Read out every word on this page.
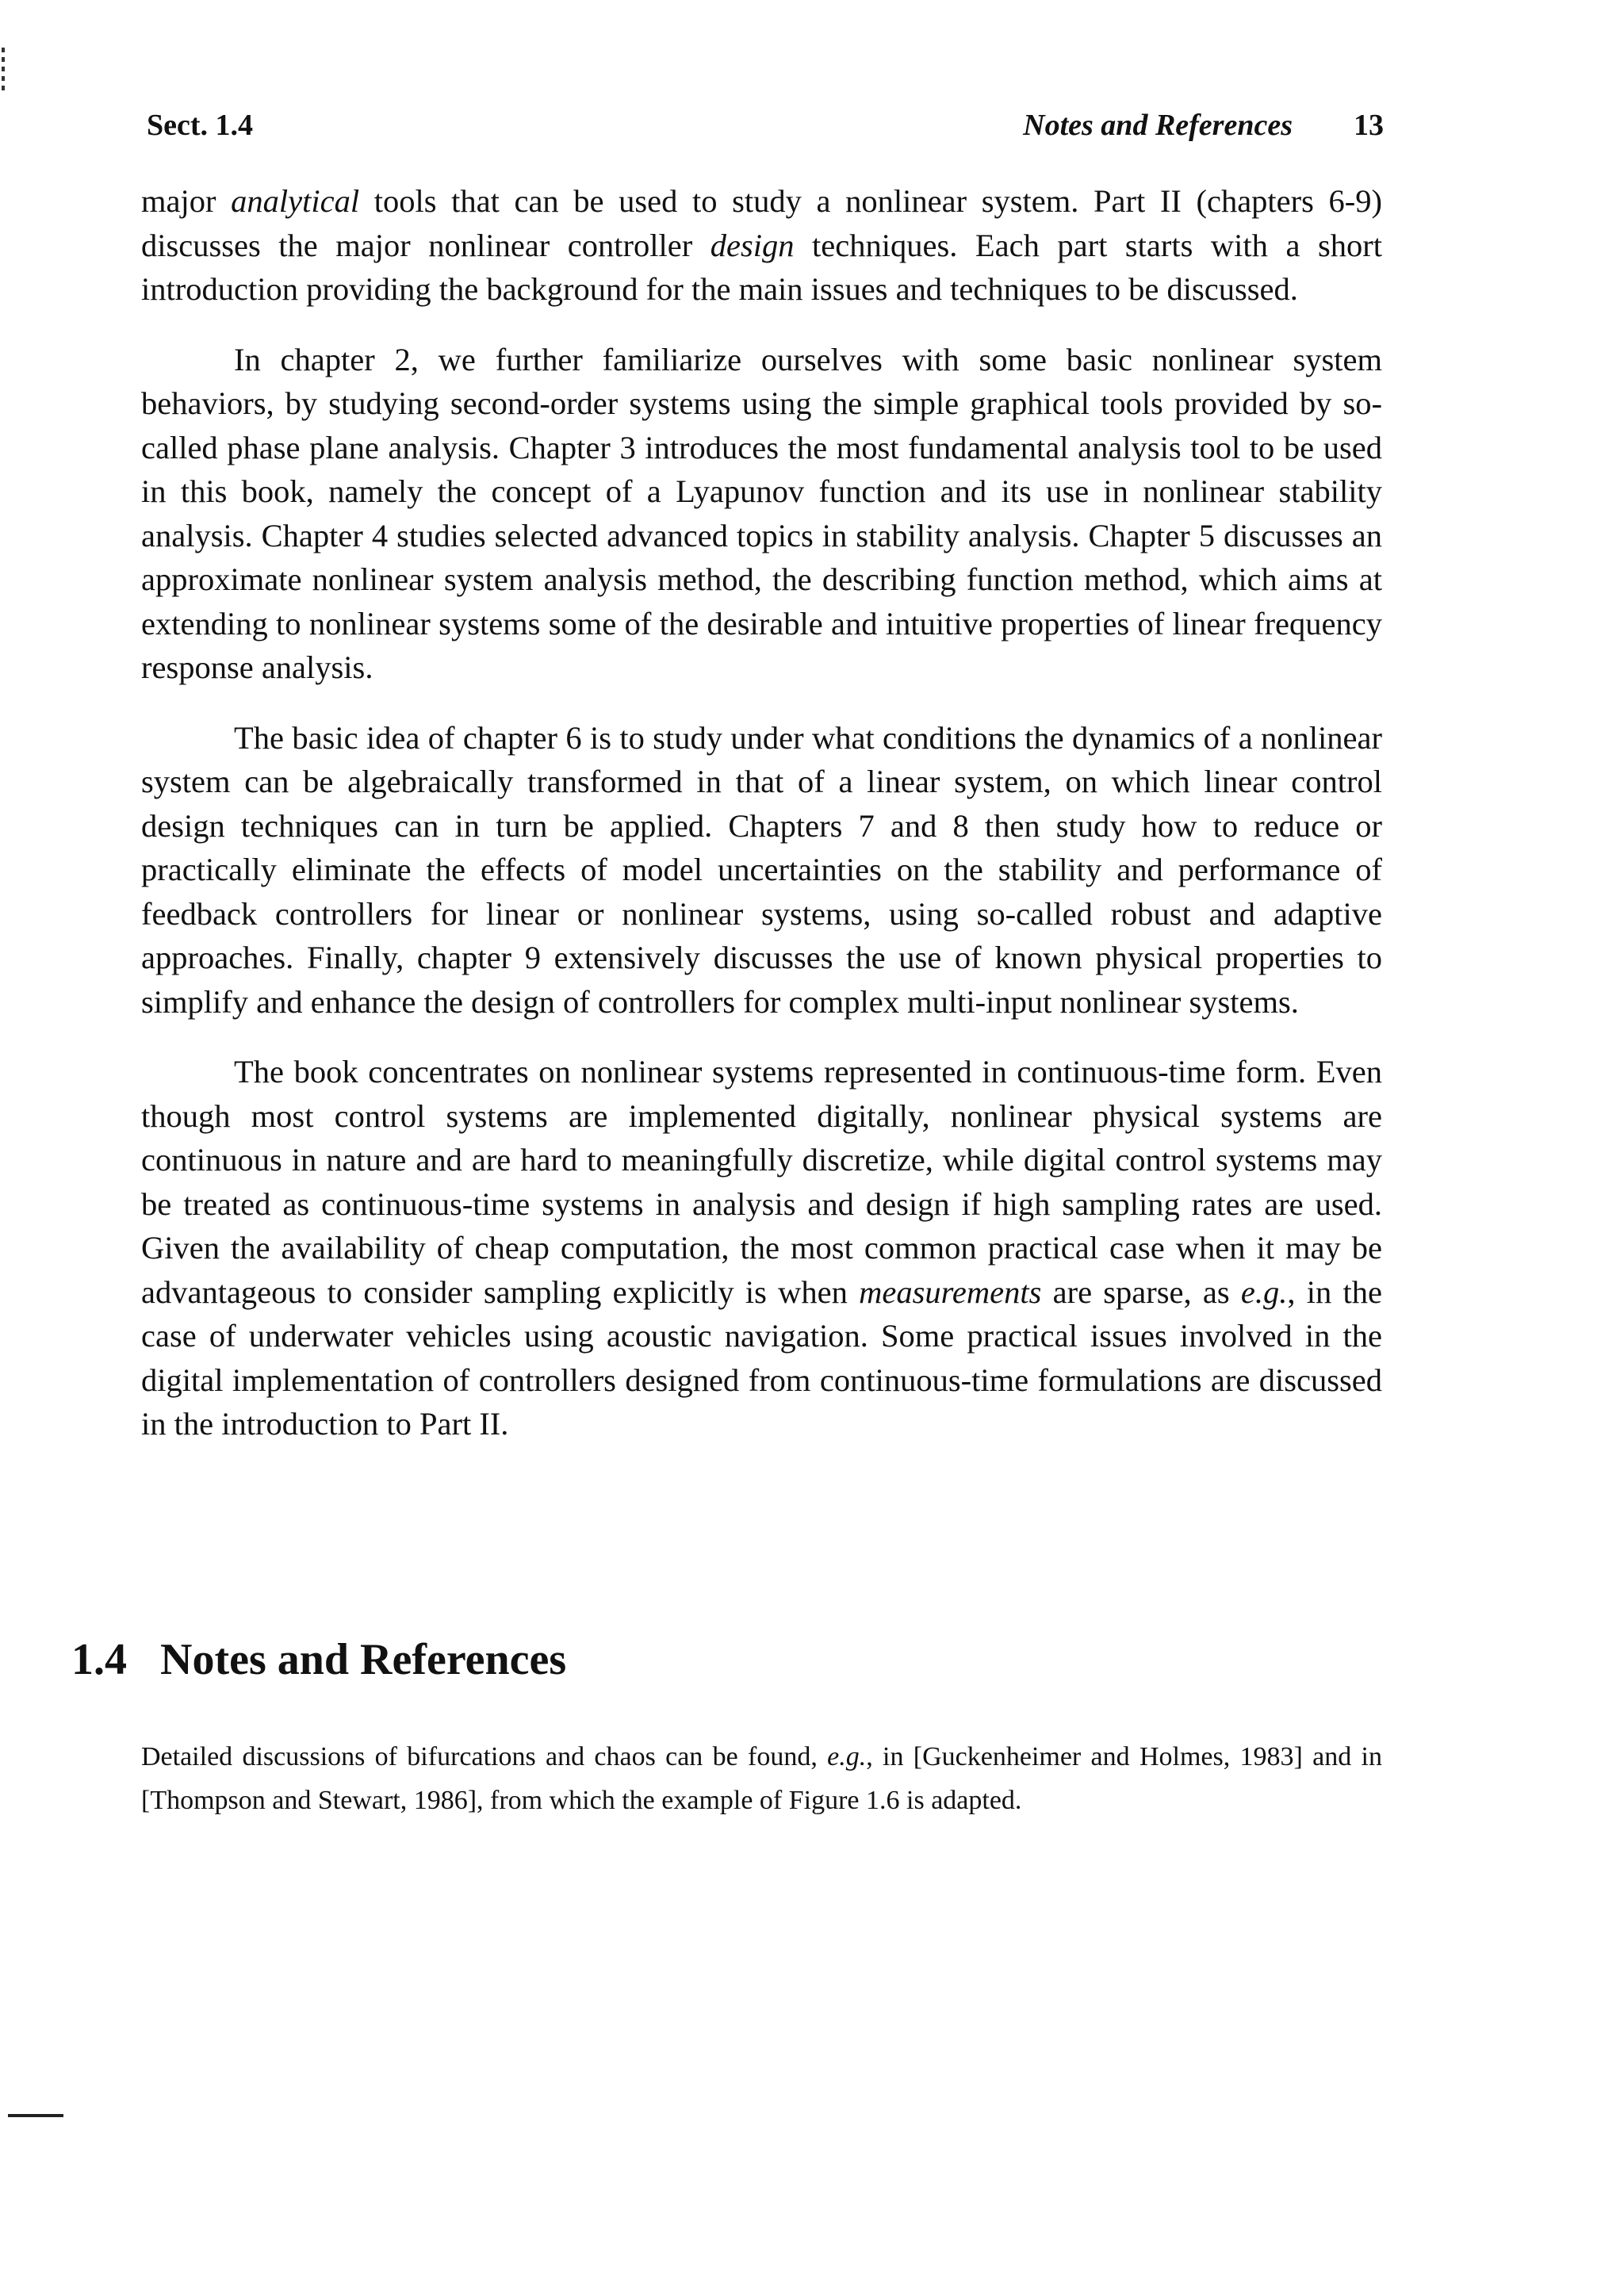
Sect. 1.4	Notes and References 13

major analytical tools that can be used to study a nonlinear system. Part II (chapters 6-9) discusses the major nonlinear controller design techniques. Each part starts with a short introduction providing the background for the main issues and techniques to be discussed.

In chapter 2, we further familiarize ourselves with some basic nonlinear system behaviors, by studying second-order systems using the simple graphical tools provided by so-called phase plane analysis. Chapter 3 introduces the most fundamental analysis tool to be used in this book, namely the concept of a Lyapunov function and its use in nonlinear stability analysis. Chapter 4 studies selected advanced topics in stability analysis. Chapter 5 discusses an approximate nonlinear system analysis method, the describing function method, which aims at extending to nonlinear systems some of the desirable and intuitive properties of linear frequency response analysis.

The basic idea of chapter 6 is to study under what conditions the dynamics of a nonlinear system can be algebraically transformed in that of a linear system, on which linear control design techniques can in turn be applied. Chapters 7 and 8 then study how to reduce or practically eliminate the effects of model uncertainties on the stability and performance of feedback controllers for linear or nonlinear systems, using so-called robust and adaptive approaches. Finally, chapter 9 extensively discusses the use of known physical properties to simplify and enhance the design of controllers for complex multi-input nonlinear systems.

The book concentrates on nonlinear systems represented in continuous-time form. Even though most control systems are implemented digitally, nonlinear physical systems are continuous in nature and are hard to meaningfully discretize, while digital control systems may be treated as continuous-time systems in analysis and design if high sampling rates are used. Given the availability of cheap computation, the most common practical case when it may be advantageous to consider sampling explicitly is when measurements are sparse, as e.g., in the case of underwater vehicles using acoustic navigation. Some practical issues involved in the digital implementation of controllers designed from continuous-time formulations are discussed in the introduction to Part II.

1.4 Notes and References

Detailed discussions of bifurcations and chaos can be found, e.g., in [Guckenheimer and Holmes, 1983] and in [Thompson and Stewart, 1986], from which the example of Figure 1.6 is adapted.
